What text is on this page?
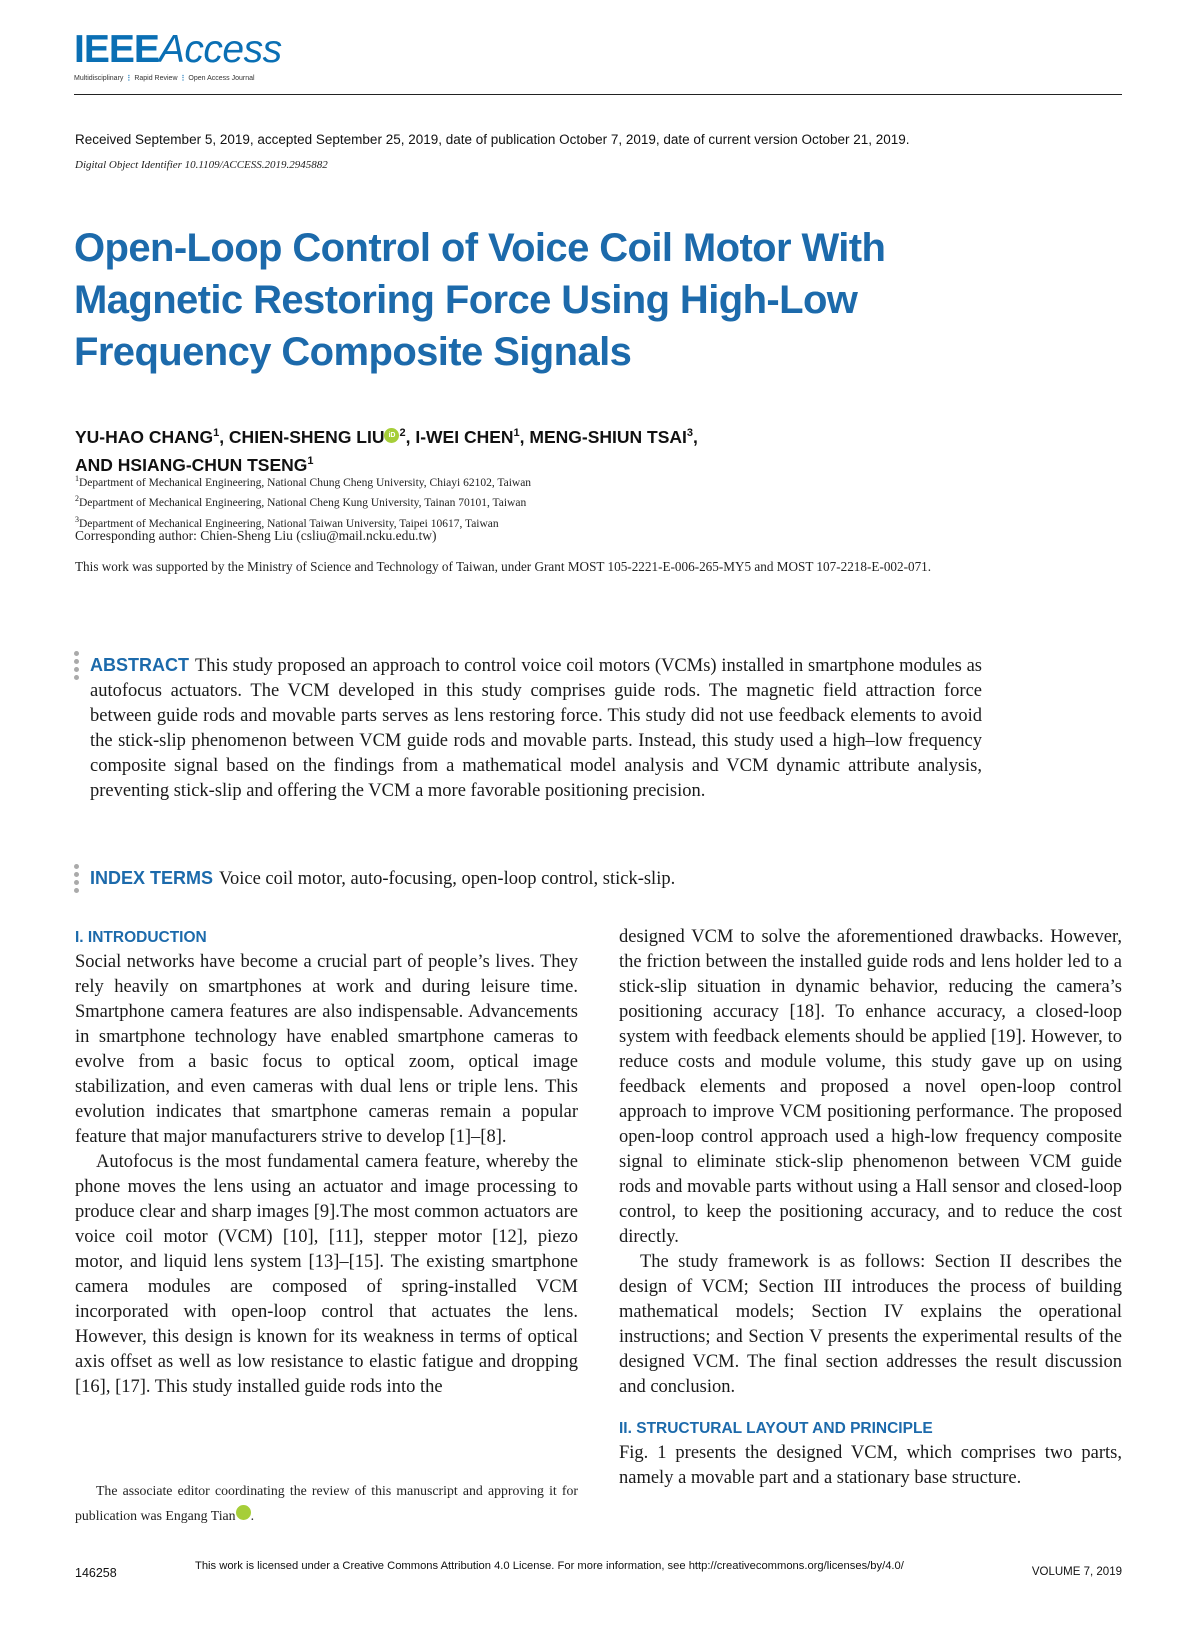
IEEEAccess
Multidisciplinary ⋮ Rapid Review ⋮ Open Access Journal
Received September 5, 2019, accepted September 25, 2019, date of publication October 7, 2019, date of current version October 21, 2019.
Digital Object Identifier 10.1109/ACCESS.2019.2945882
Open-Loop Control of Voice Coil Motor With
Magnetic Restoring Force Using High-Low
Frequency Composite Signals
YU-HAO CHANG$^1$, CHIEN-SHENG LIU iD $^2$, I-WEI CHEN$^1$, MENG-SHIUN TSAI$^3$,
AND HSIANG-CHUN TSENG$^1$
$^1$Department of Mechanical Engineering, National Chung Cheng University, Chiayi 62102, Taiwan
$^2$Department of Mechanical Engineering, National Cheng Kung University, Tainan 70101, Taiwan
$^3$Department of Mechanical Engineering, National Taiwan University, Taipei 10617, Taiwan
Corresponding author: Chien-Sheng Liu (csliu@mail.ncku.edu.tw)
This work was supported by the Ministry of Science and Technology of Taiwan, under Grant MOST 105-2221-E-006-265-MY5 and MOST 107-2218-E-002-071.
ABSTRACT This study proposed an approach to control voice coil motors (VCMs) installed in smartphone modules as autofocus actuators. The VCM developed in this study comprises guide rods. The magnetic field attraction force between guide rods and movable parts serves as lens restoring force. This study did not use feedback elements to avoid the stick-slip phenomenon between VCM guide rods and movable parts. Instead, this study used a high–low frequency composite signal based on the findings from a mathematical model analysis and VCM dynamic attribute analysis, preventing stick-slip and offering the VCM a more favorable positioning precision.
INDEX TERMS Voice coil motor, auto-focusing, open-loop control, stick-slip.
I. INTRODUCTION

Social networks have become a crucial part of people’s lives. They rely heavily on smartphones at work and during leisure time. Smartphone camera features are also indispensable. Advancements in smartphone technology have enabled smartphone cameras to evolve from a basic focus to optical zoom, optical image stabilization, and even cameras with dual lens or triple lens. This evolution indicates that smartphone cameras remain a popular feature that major manufacturers strive to develop [1]–[8].

Autofocus is the most fundamental camera feature, whereby the phone moves the lens using an actuator and image processing to produce clear and sharp images [9].The most common actuators are voice coil motor (VCM) [10], [11], stepper motor [12], piezo motor, and liquid lens system [13]–[15]. The existing smartphone camera modules are composed of spring-installed VCM incorporated with open-loop control that actuates the lens. However, this design is known for its weakness in terms of optical axis offset as well as low resistance to elastic fatigue and dropping [16], [17]. This study installed guide rods into the

designed VCM to solve the aforementioned drawbacks. However, the friction between the installed guide rods and lens holder led to a stick-slip situation in dynamic behavior, reducing the camera’s positioning accuracy [18]. To enhance accuracy, a closed-loop system with feedback elements should be applied [19]. However, to reduce costs and module volume, this study gave up on using feedback elements and proposed a novel open-loop control approach to improve VCM positioning performance. The proposed open-loop control approach used a high-low frequency composite signal to eliminate stick-slip phenomenon between VCM guide rods and movable parts without using a Hall sensor and closed-loop control, to keep the positioning accuracy, and to reduce the cost directly.

The study framework is as follows: Section II describes the design of VCM; Section III introduces the process of building mathematical models; Section IV explains the operational instructions; and Section V presents the experimental results of the designed VCM. The final section addresses the result discussion and conclusion.

II. STRUCTURAL LAYOUT AND PRINCIPLE

Fig. 1 presents the designed VCM, which comprises two parts, namely a movable part and a stationary base structure.

The associate editor coordinating the review of this manuscript and approving it for publication was Engang Tian	iD.

146258	This work is licensed under a Creative Commons Attribution 4.0 License. For more information, see http://creativecommons.org/licenses/by/4.0/	VOLUME 7, 2019
